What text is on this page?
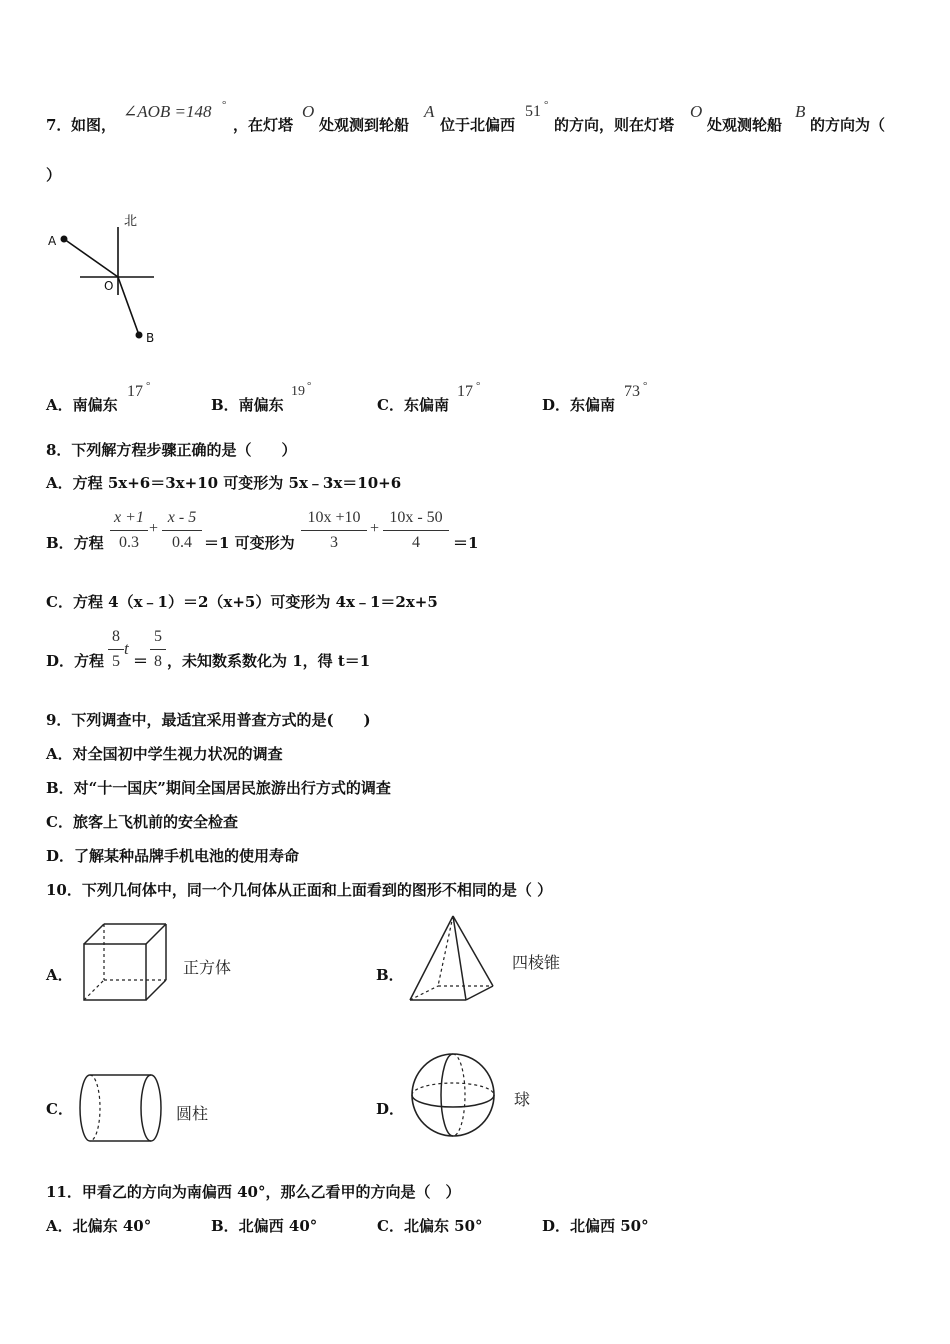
7． 如图，
∠AOB =148 °
，在灯塔
O
处观测到轮船
A
位于北偏西
51 °
的方向，则在灯塔
O
处观测轮船
B
的方向为（
）
北
A
O
B
A．南偏东
17 °
B．南偏东
19 °
C．东偏南
17 °
D．东偏南
73 °
8．下列解方程步骤正确的是（　　）
A．方程 5x+6＝3x+10 可变形为 5x﹣3x＝10+6
B．方程
x +1
0.3
+
x - 5
0.4 ＝1 可变形为
10x +10
3
+
10x - 50
4 ＝1
C．方程 4（x﹣1）＝2（x+5）可变形为 4x﹣1＝2x+5
D．方程
8
5
t
＝
5
8 ，未知数系数化为 1，得 t＝1
9．下列调查中，最适宜采用普查方式的是(　　)
A．对全国初中学生视力状况的调查
B．对“十一国庆”期间全国居民旅游出行方式的调查
C．旅客上飞机前的安全检查
D．了解某种品牌手机电池的使用寿命
10．下列几何体中，同一个几何体从正面和上面看到的图形不相同的是（ ）
A．	正方体	B．
四棱锥
C．	圆柱	D．	球
11．甲看乙的方向为南偏西 40°，那么乙看甲的方向是（　）
A．北偏东 40°	B．北偏西 40°	C．北偏东 50°	D．北偏西 50°
